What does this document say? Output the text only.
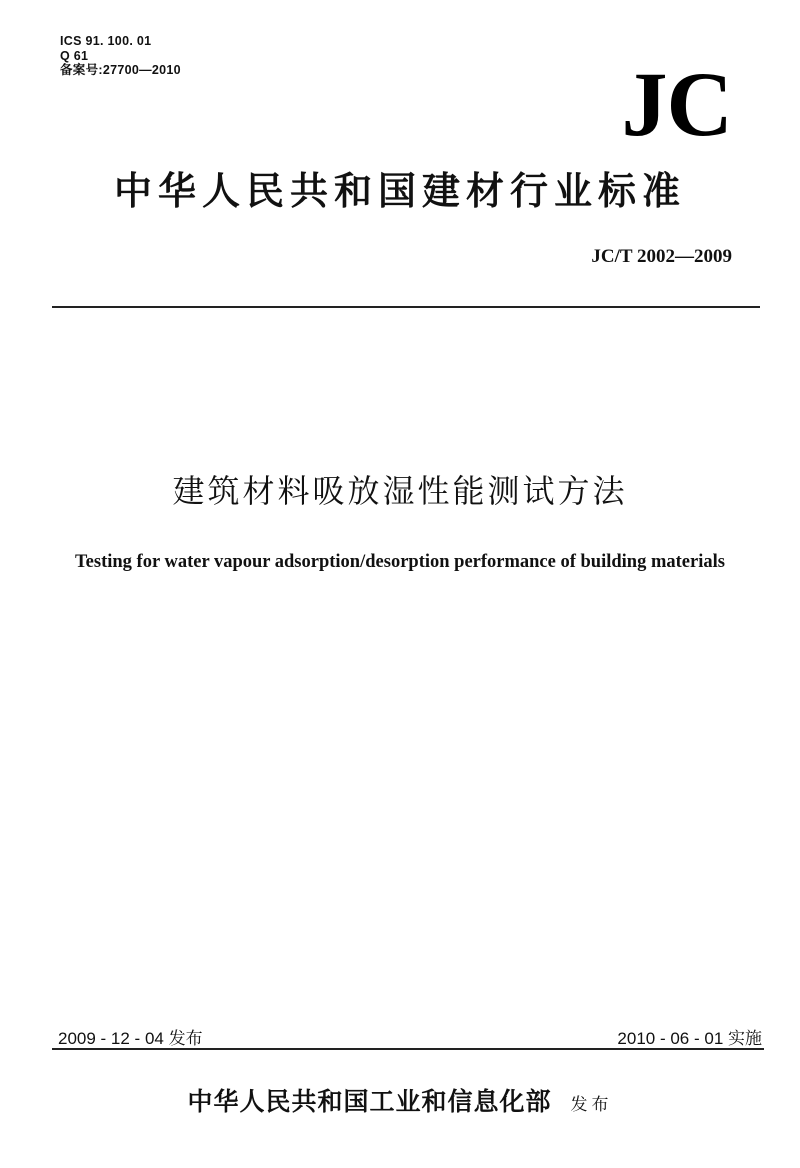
ICS 91. 100. 01
Q 61
备案号:27700—2010	JC
中华人民共和国建材行业标准
JC/T 2002—2009
建筑材料吸放湿性能测试方法
Testing for water vapour adsorption/desorption performance of building materials
2009 - 12 - 04 发布	2010 - 06 - 01 实施
中华人民共和国工业和信息化部 发布
